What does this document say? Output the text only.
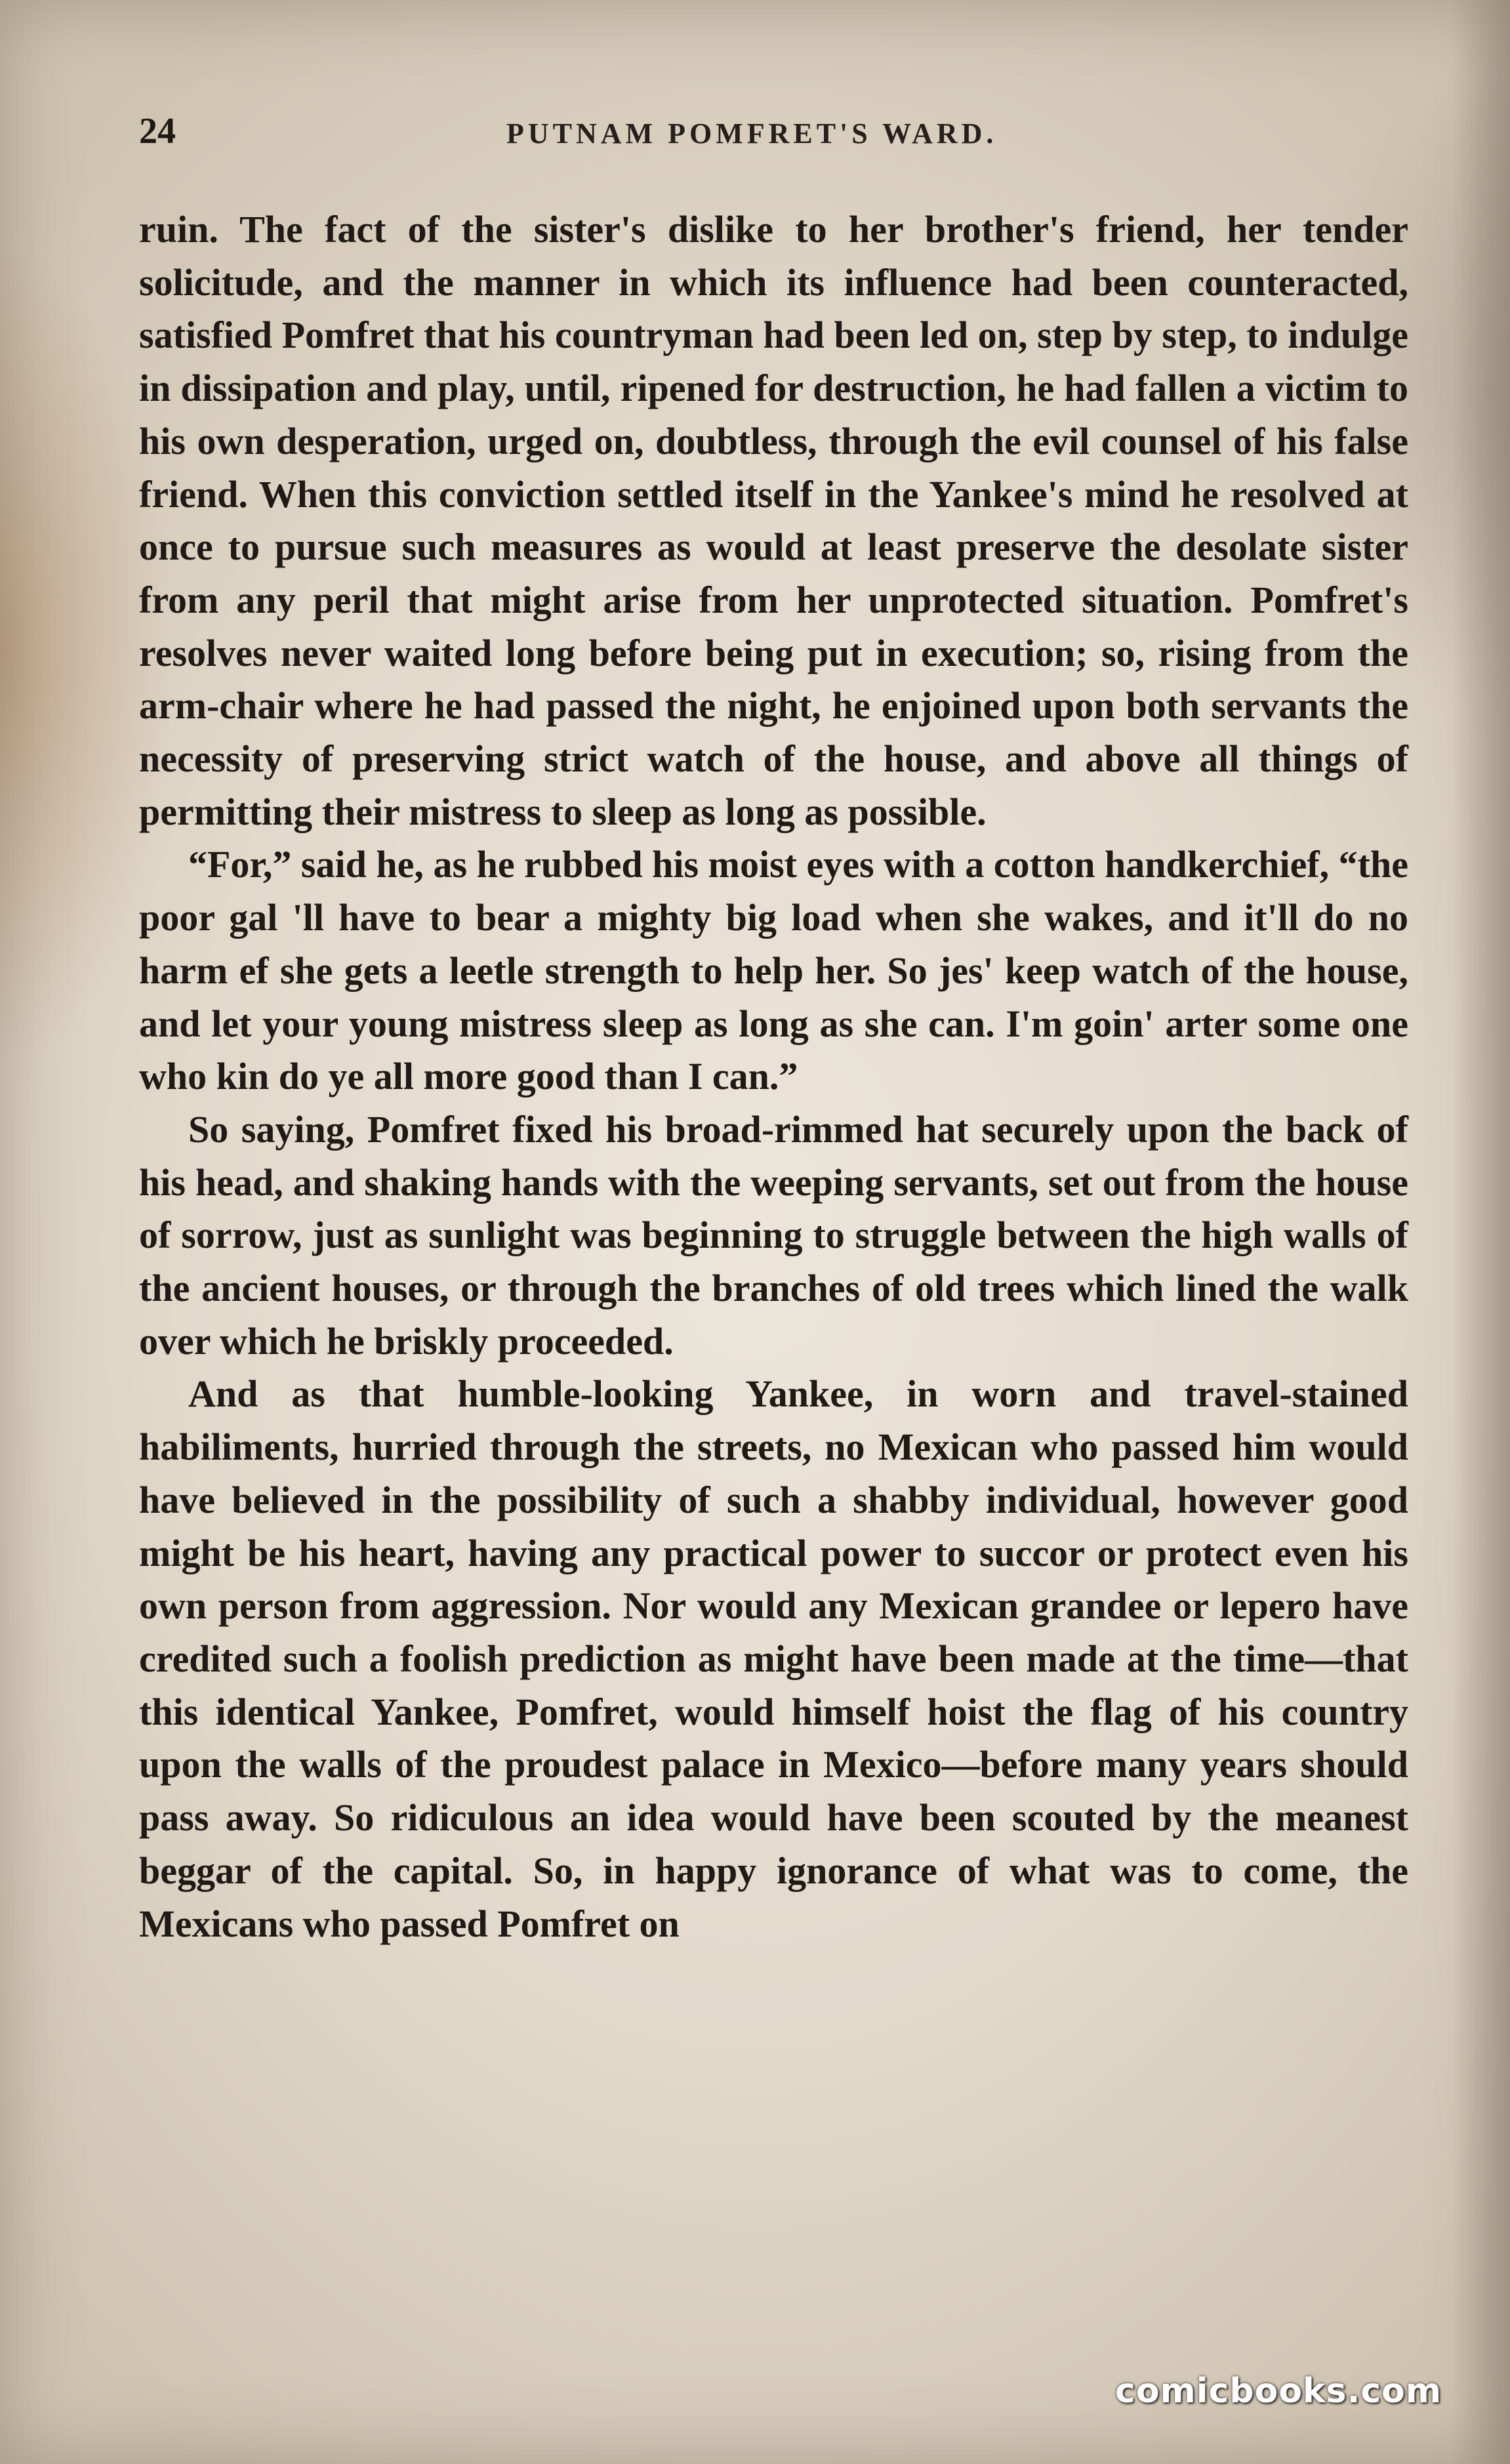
24	PUTNAM POMFRET'S WARD.

ruin. The fact of the sister's dislike to her brother's friend, her tender solicitude, and the manner in which its influence had been counteracted, satisfied Pomfret that his countryman had been led on, step by step, to indulge in dissipation and play, until, ripened for destruction, he had fallen a victim to his own desperation, urged on, doubtless, through the evil counsel of his false friend. When this conviction settled itself in the Yankee's mind he resolved at once to pursue such measures as would at least preserve the desolate sister from any peril that might arise from her unprotected situation. Pomfret's resolves never waited long before being put in execution; so, rising from the arm-chair where he had passed the night, he enjoined upon both servants the necessity of preserving strict watch of the house, and above all things of permitting their mistress to sleep as long as possible.

“For,” said he, as he rubbed his moist eyes with a cotton handkerchief, “the poor gal 'll have to bear a mighty big load when she wakes, and it'll do no harm ef she gets a leetle strength to help her. So jes' keep watch of the house, and let your young mistress sleep as long as she can. I'm goin' arter some one who kin do ye all more good than I can.”

So saying, Pomfret fixed his broad-rimmed hat securely upon the back of his head, and shaking hands with the weeping servants, set out from the house of sorrow, just as sunlight was beginning to struggle between the high walls of the ancient houses, or through the branches of old trees which lined the walk over which he briskly proceeded.

And as that humble-looking Yankee, in worn and travel-stained habiliments, hurried through the streets, no Mexican who passed him would have believed in the possibility of such a shabby individual, however good might be his heart, having any practical power to succor or protect even his own person from aggression. Nor would any Mexican grandee or lepero have credited such a foolish prediction as might have been made at the time—that this identical Yankee, Pomfret, would himself hoist the flag of his country upon the walls of the proudest palace in Mexico—before many years should pass away. So ridiculous an idea would have been scouted by the meanest beggar of the capital. So, in happy ignorance of what was to come, the Mexicans who passed Pomfret on

comicbooks.com
